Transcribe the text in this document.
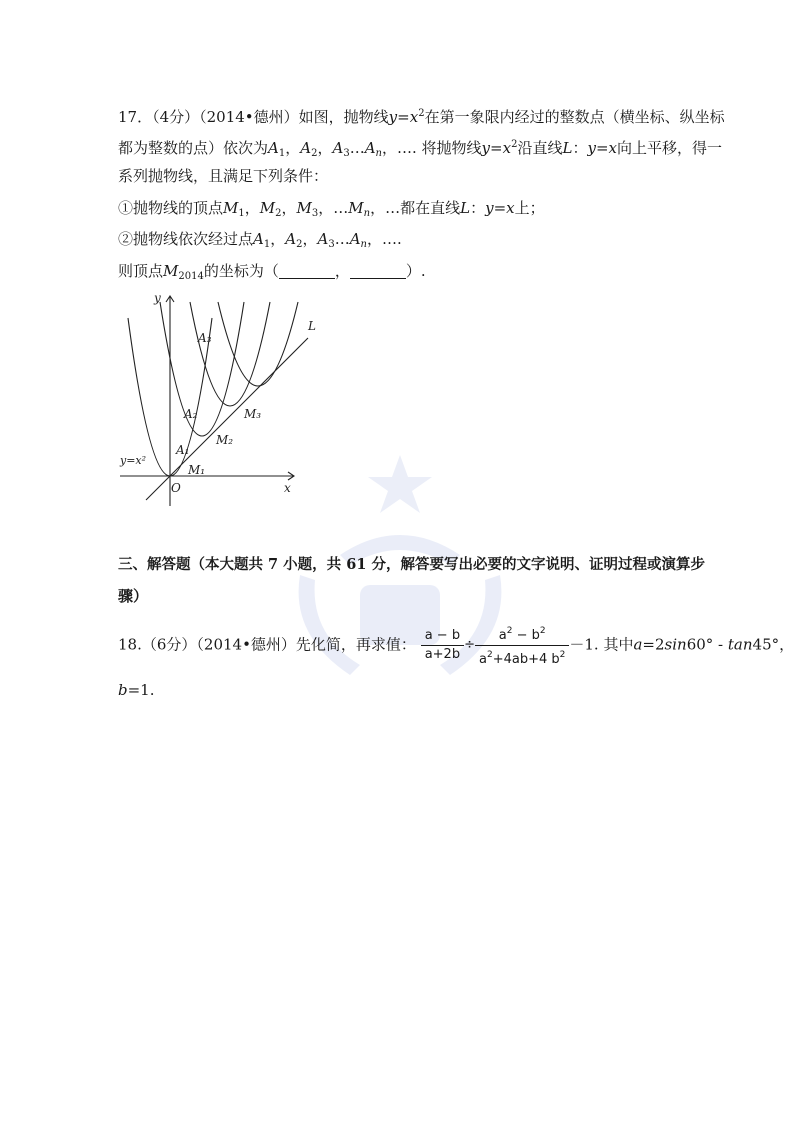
17．（4分）（2014•德州）如图，抛物线$y=x^2$在第一象限内经过的整数点（横坐标、纵坐标
都为整数的点）依次为$A_1$，$A_2$，$A_3\dots A_n$，…. 将抛物线$y=x^2$沿直线L：y=x向上平移，得一
系列抛物线，且满足下列条件：
①抛物线的顶点$M_1$，$M_2$，$M_3$，$\dots M_n$，…都在直线L：y=x上；
②抛物线依次经过点$A_1$，$A_2$，$A_3\dots A_n$，….
则顶点$M_{2014}$的坐标为（	，	）.
y
x
O
L
y=x²
A₁
A₂
A₃
M₁
M₂
M₃
三、解答题（本大题共 7 小题，共 61 分，解答要写出必要的文字说明、证明过程或演算步
骤）
18.（6分）（2014•德州）先化简，再求值： $\frac{a - b}{a+2b} \div \frac{a^2 - b^2}{a^2+4ab+4 b^2} -1$. 其中a=2sin60° - tan45°，
b=1.
